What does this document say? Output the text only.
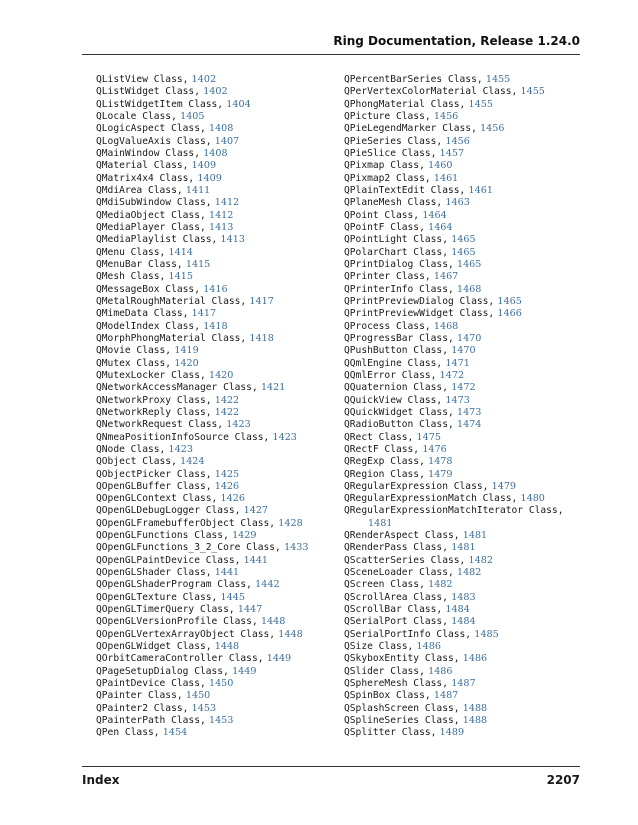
Ring Documentation, Release 1.24.0
QListView Class, 1402
QListWidget Class, 1402
QListWidgetItem Class, 1404
QLocale Class, 1405
QLogicAspect Class, 1408
QLogValueAxis Class, 1407
QMainWindow Class, 1408
QMaterial Class, 1409
QMatrix4x4 Class, 1409
QMdiArea Class, 1411
QMdiSubWindow Class, 1412
QMediaObject Class, 1412
QMediaPlayer Class, 1413
QMediaPlaylist Class, 1413
QMenu Class, 1414
QMenuBar Class, 1415
QMesh Class, 1415
QMessageBox Class, 1416
QMetalRoughMaterial Class, 1417
QMimeData Class, 1417
QModelIndex Class, 1418
QMorphPhongMaterial Class, 1418
QMovie Class, 1419
QMutex Class, 1420
QMutexLocker Class, 1420
QNetworkAccessManager Class, 1421
QNetworkProxy Class, 1422
QNetworkReply Class, 1422
QNetworkRequest Class, 1423
QNmeaPositionInfoSource Class, 1423
QNode Class, 1423
QObject Class, 1424
QObjectPicker Class, 1425
QOpenGLBuffer Class, 1426
QOpenGLContext Class, 1426
QOpenGLDebugLogger Class, 1427
QOpenGLFramebufferObject Class, 1428
QOpenGLFunctions Class, 1429
QOpenGLFunctions_3_2_Core Class, 1433
QOpenGLPaintDevice Class, 1441
QOpenGLShader Class, 1441
QOpenGLShaderProgram Class, 1442
QOpenGLTexture Class, 1445
QOpenGLTimerQuery Class, 1447
QOpenGLVersionProfile Class, 1448
QOpenGLVertexArrayObject Class, 1448
QOpenGLWidget Class, 1448
QOrbitCameraController Class, 1449
QPageSetupDialog Class, 1449
QPaintDevice Class, 1450
QPainter Class, 1450
QPainter2 Class, 1453
QPainterPath Class, 1453
QPen Class, 1454
QPercentBarSeries Class, 1455
QPerVertexColorMaterial Class, 1455
QPhongMaterial Class, 1455
QPicture Class, 1456
QPieLegendMarker Class, 1456
QPieSeries Class, 1456
QPieSlice Class, 1457
QPixmap Class, 1460
QPixmap2 Class, 1461
QPlainTextEdit Class, 1461
QPlaneMesh Class, 1463
QPoint Class, 1464
QPointF Class, 1464
QPointLight Class, 1465
QPolarChart Class, 1465
QPrintDialog Class, 1465
QPrinter Class, 1467
QPrinterInfo Class, 1468
QPrintPreviewDialog Class, 1465
QPrintPreviewWidget Class, 1466
QProcess Class, 1468
QProgressBar Class, 1470
QPushButton Class, 1470
QQmlEngine Class, 1471
QQmlError Class, 1472
QQuaternion Class, 1472
QQuickView Class, 1473
QQuickWidget Class, 1473
QRadioButton Class, 1474
QRect Class, 1475
QRectF Class, 1476
QRegExp Class, 1478
QRegion Class, 1479
QRegularExpression Class, 1479
QRegularExpressionMatch Class, 1480
QRegularExpressionMatchIterator Class,
1481
QRenderAspect Class, 1481
QRenderPass Class, 1481
QScatterSeries Class, 1482
QSceneLoader Class, 1482
QScreen Class, 1482
QScrollArea Class, 1483
QScrollBar Class, 1484
QSerialPort Class, 1484
QSerialPortInfo Class, 1485
QSize Class, 1486
QSkyboxEntity Class, 1486
QSlider Class, 1486
QSphereMesh Class, 1487
QSpinBox Class, 1487
QSplashScreen Class, 1488
QSplineSeries Class, 1488
QSplitter Class, 1489
Index	2207
